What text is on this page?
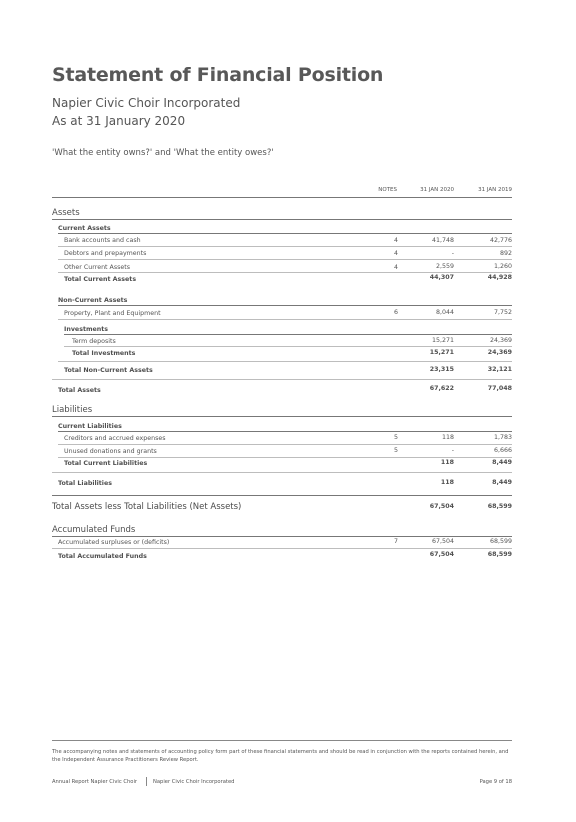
Statement of Financial Position
Napier Civic Choir Incorporated
As at 31 January 2020
'What the entity owns?' and 'What the entity owes?'
NOTES	31 JAN 2020	31 JAN 2019
Assets
Current Assets
Bank accounts and cash	4	41,748	42,776
Debtors and prepayments	4	-	892
Other Current Assets	4	2,559	1,260
Total Current Assets	44,307	44,928
Non-Current Assets
Property, Plant and Equipment	6	8,044	7,752
Investments
Term deposits	15,271	24,369
Total Investments	15,271	24,369
Total Non-Current Assets	23,315	32,121
Total Assets	67,622	77,048
Liabilities
Current Liabilities
Creditors and accrued expenses	5	118	1,783
Unused donations and grants	5	-	6,666
Total Current Liabilities	118	8,449
Total Liabilities	118	8,449
Total Assets less Total Liabilities (Net Assets)	67,504	68,599
Accumulated Funds
Accumulated surpluses or (deficits)	7	67,504	68,599
Total Accumulated Funds	67,504	68,599
The accompanying notes and statements of accounting policy form part of these financial statements and should be read in conjunction with the reports contained herein, and the Independent Assurance Practitioners Review Report.
Annual Report Napier Civic Choir	Napier Civic Choir Incorporated	Page 9 of 18
